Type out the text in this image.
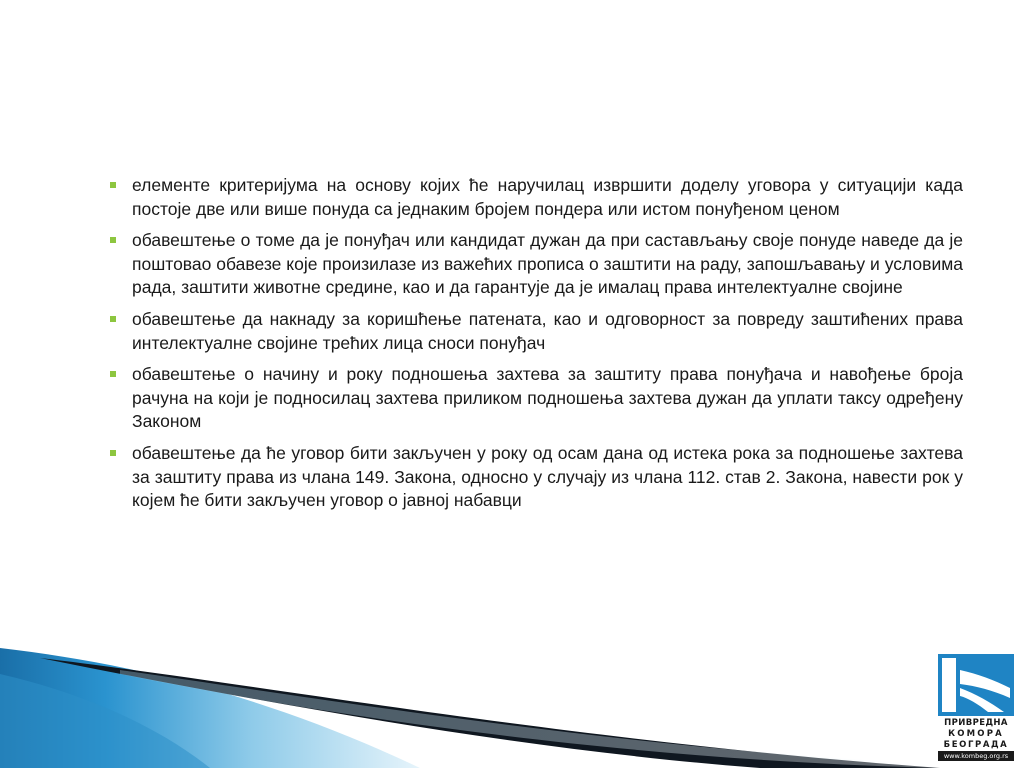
елементе критеријума на основу којих ће наручилац извршити доделу уговора у ситуацији када постоје две или више понуда са једнаким бројем пондера или истом понуђеном ценом
обавештење о томе да је понуђач или кандидат дужан да при састављању своје понуде наведе да је поштовао обавезе које произилазе из важећих прописа о заштити на раду, запошљавању и условима рада, заштити животне средине, као и да гарантује да је ималац права интелектуалне својине
обавештење да накнаду за коришћење патената, као и одговорност за повреду заштићених права интелектуалне својине трећих лица сноси понуђач
обавештење о начину и року подношења захтева за заштиту права понуђача и навођење броја рачуна на који је подносилац захтева приликом подношења захтева дужан да уплати таксу одређену Законом
обавештење да ће уговор бити закључен у року од осам дана од истека рока за подношење захтева за заштиту права из члана 149. Закона, односно у случају из члана 112. став 2. Закона, навести рок у којем ће бити закључен уговор о јавној набавци
ПРИВРЕДНА
КОМОРА
БЕОГРАДА
www.kombeg.org.rs
